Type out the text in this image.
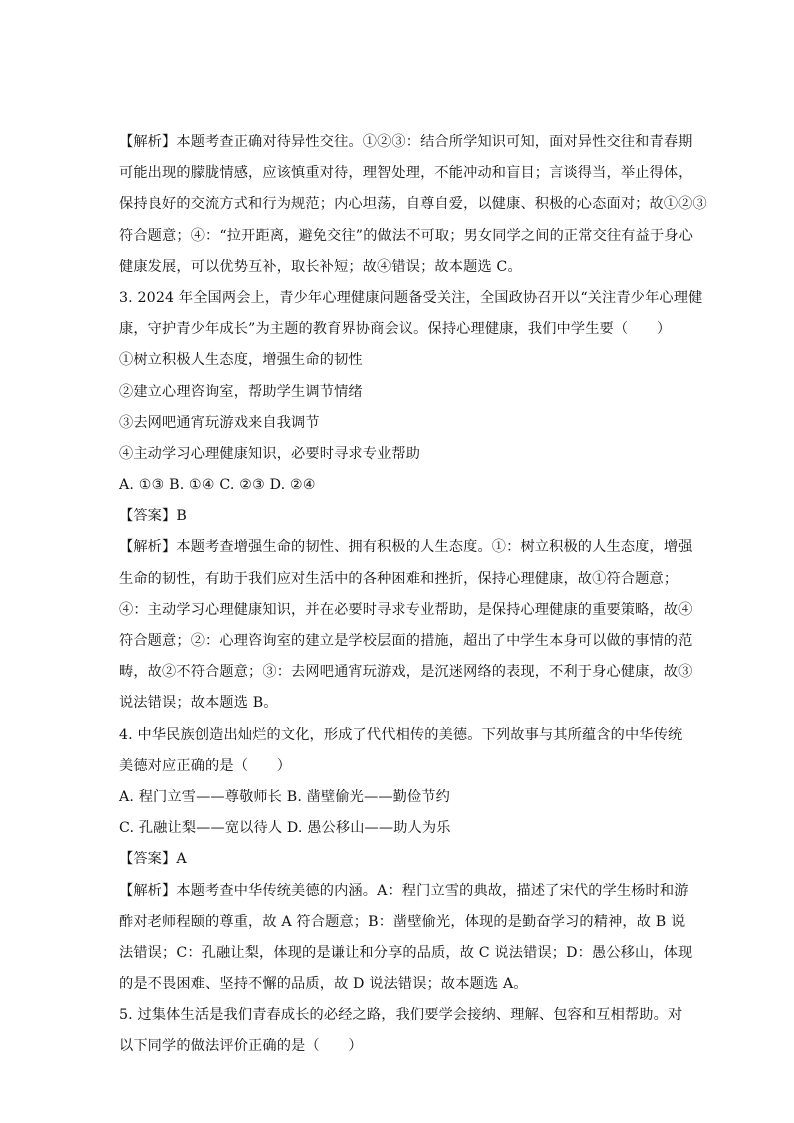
【解析】本题考查正确对待异性交往。①②③：结合所学知识可知，面对异性交往和青春期
可能出现的朦胧情感，应该慎重对待，理智处理，不能冲动和盲目；言谈得当，举止得体，
保持良好的交流方式和行为规范；内心坦荡，自尊自爱，以健康、积极的心态面对；故①②③
符合题意；④：“拉开距离，避免交往”的做法不可取；男女同学之间的正常交往有益于身心
健康发展，可以优势互补，取长补短；故④错误；故本题选 C。
3. 2024 年全国两会上，青少年心理健康问题备受关注，全国政协召开以“关注青少年心理健
康，守护青少年成长”为主题的教育界协商会议。保持心理健康，我们中学生要（　　）
①树立积极人生态度，增强生命的韧性
②建立心理咨询室，帮助学生调节情绪
③去网吧通宵玩游戏来自我调节
④主动学习心理健康知识，必要时寻求专业帮助
A. ①③ B. ①④ C. ②③ D. ②④
【答案】B
【解析】本题考查增强生命的韧性、拥有积极的人生态度。①：树立积极的人生态度，增强
生命的韧性，有助于我们应对生活中的各种困难和挫折，保持心理健康，故①符合题意；
④：主动学习心理健康知识，并在必要时寻求专业帮助，是保持心理健康的重要策略，故④
符合题意；②：心理咨询室的建立是学校层面的措施，超出了中学生本身可以做的事情的范
畴，故②不符合题意；③：去网吧通宵玩游戏，是沉迷网络的表现，不利于身心健康，故③
说法错误；故本题选 B。
4. 中华民族创造出灿烂的文化，形成了代代相传的美德。下列故事与其所蕴含的中华传统
美德对应正确的是（　　）
A. 程门立雪——尊敬师长 B. 凿壁偷光——勤俭节约
C. 孔融让梨——宽以待人 D. 愚公移山——助人为乐
【答案】A
【解析】本题考查中华传统美德的内涵。A：程门立雪的典故，描述了宋代的学生杨时和游
酢对老师程颐的尊重，故 A 符合题意；B：凿壁偷光，体现的是勤奋学习的精神，故 B 说
法错误；C：孔融让梨，体现的是谦让和分享的品质，故 C 说法错误；D：愚公移山，体现
的是不畏困难、坚持不懈的品质，故 D 说法错误；故本题选 A。
5. 过集体生活是我们青春成长的必经之路，我们要学会接纳、理解、包容和互相帮助。对
以下同学的做法评价正确的是（　　）
